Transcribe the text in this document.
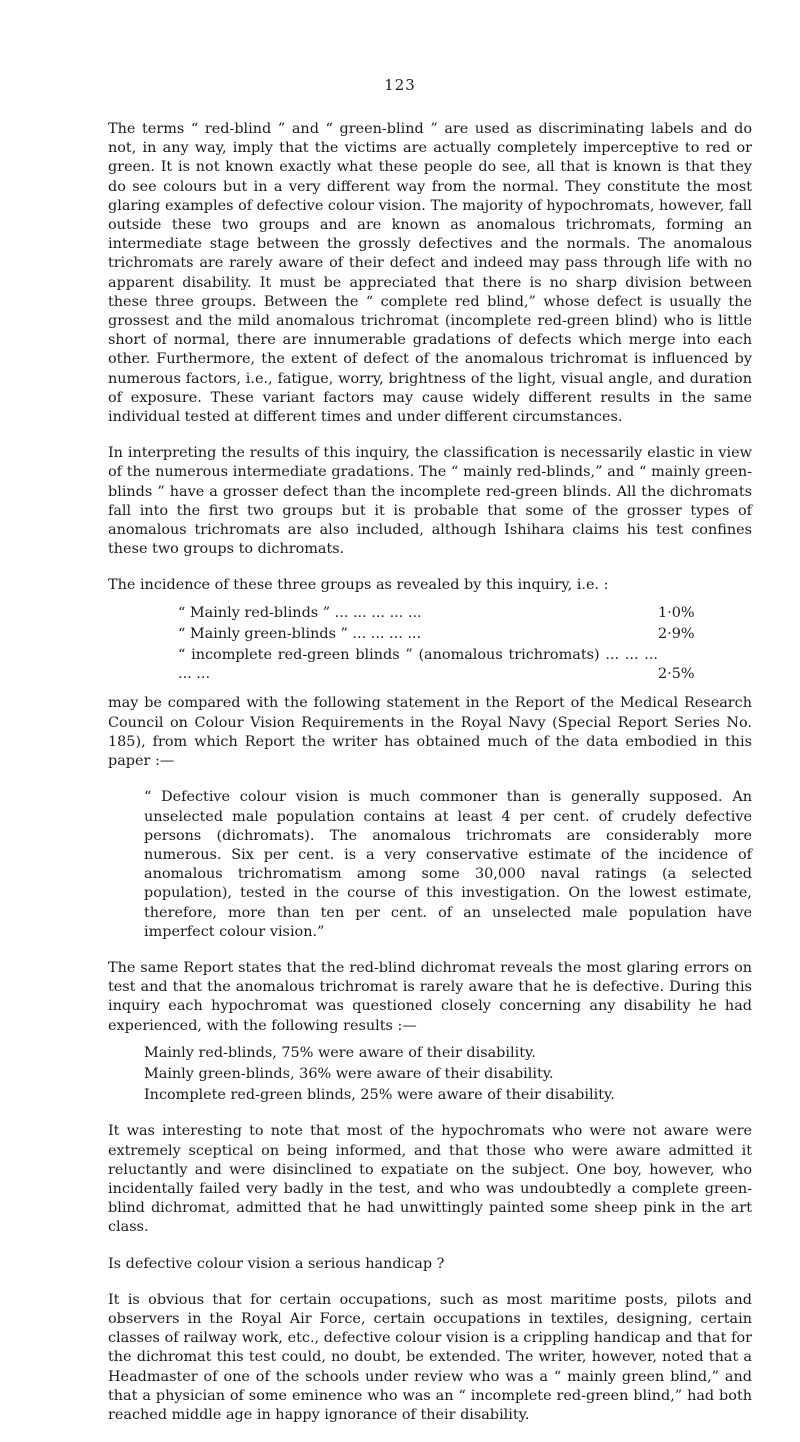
123

The terms “ red-blind ” and “ green-blind ” are used as discriminating labels and do not, in any way, imply that the victims are actually completely imperceptive to red or green. It is not known exactly what these people do see, all that is known is that they do see colours but in a very different way from the normal. They constitute the most glaring examples of defective colour vision. The majority of hypochromats, however, fall outside these two groups and are known as anomalous trichromats, forming an intermediate stage between the grossly defectives and the normals. The anomalous trichromats are rarely aware of their defect and indeed may pass through life with no apparent disability. It must be appreciated that there is no sharp division between these three groups. Between the “ complete red blind,” whose defect is usually the grossest and the mild anomalous trichromat (incomplete red-green blind) who is little short of normal, there are innumerable gradations of defects which merge into each other. Furthermore, the extent of defect of the anomalous trichromat is influenced by numerous factors, i.e., fatigue, worry, brightness of the light, visual angle, and duration of exposure. These variant factors may cause widely different results in the same individual tested at different times and under different circumstances.

In interpreting the results of this inquiry, the classification is necessarily elastic in view of the numerous intermediate gradations. The “ mainly red-blinds,” and “ mainly green-blinds ” have a grosser defect than the incomplete red-green blinds. All the dichromats fall into the first two groups but it is probable that some of the grosser types of anomalous trichromats are also included, although Ishihara claims his test confines these two groups to dichromats.

The incidence of these three groups as revealed by this inquiry, i.e. :

“ Mainly red-blinds ” ... ... ... ... ...	1·0%
“ Mainly green-blinds ” ... ... ... ...	2·9%
“ incomplete red-green blinds ” (anomalous trichromats) ... ... ... ... ...	2·5%

may be compared with the following statement in the Report of the Medical Research Council on Colour Vision Requirements in the Royal Navy (Special Report Series No. 185), from which Report the writer has obtained much of the data embodied in this paper :—

“ Defective colour vision is much commoner than is generally supposed. An unselected male population contains at least 4 per cent. of crudely defective persons (dichromats). The anomalous trichromats are considerably more numerous. Six per cent. is a very conservative estimate of the incidence of anomalous trichromatism among some 30,000 naval ratings (a selected population), tested in the course of this investigation. On the lowest estimate, therefore, more than ten per cent. of an unselected male population have imperfect colour vision.”

The same Report states that the red-blind dichromat reveals the most glaring errors on test and that the anomalous trichromat is rarely aware that he is defective. During this inquiry each hypochromat was questioned closely concerning any disability he had experienced, with the following results :—

Mainly red-blinds, 75% were aware of their disability.
Mainly green-blinds, 36% were aware of their disability.
Incomplete red-green blinds, 25% were aware of their disability.

It was interesting to note that most of the hypochromats who were not aware were extremely sceptical on being informed, and that those who were aware admitted it reluctantly and were disinclined to expatiate on the subject. One boy, however, who incidentally failed very badly in the test, and who was undoubtedly a complete green-blind dichromat, admitted that he had unwittingly painted some sheep pink in the art class.

Is defective colour vision a serious handicap ?

It is obvious that for certain occupations, such as most maritime posts, pilots and observers in the Royal Air Force, certain occupations in textiles, designing, certain classes of railway work, etc., defective colour vision is a crippling handicap and that for the dichromat this test could, no doubt, be extended. The writer, however, noted that a Headmaster of one of the schools under review who was a “ mainly green blind,” and that a physician of some eminence who was an “ incomplete red-green blind,” had both reached middle age in happy ignorance of their disability.
